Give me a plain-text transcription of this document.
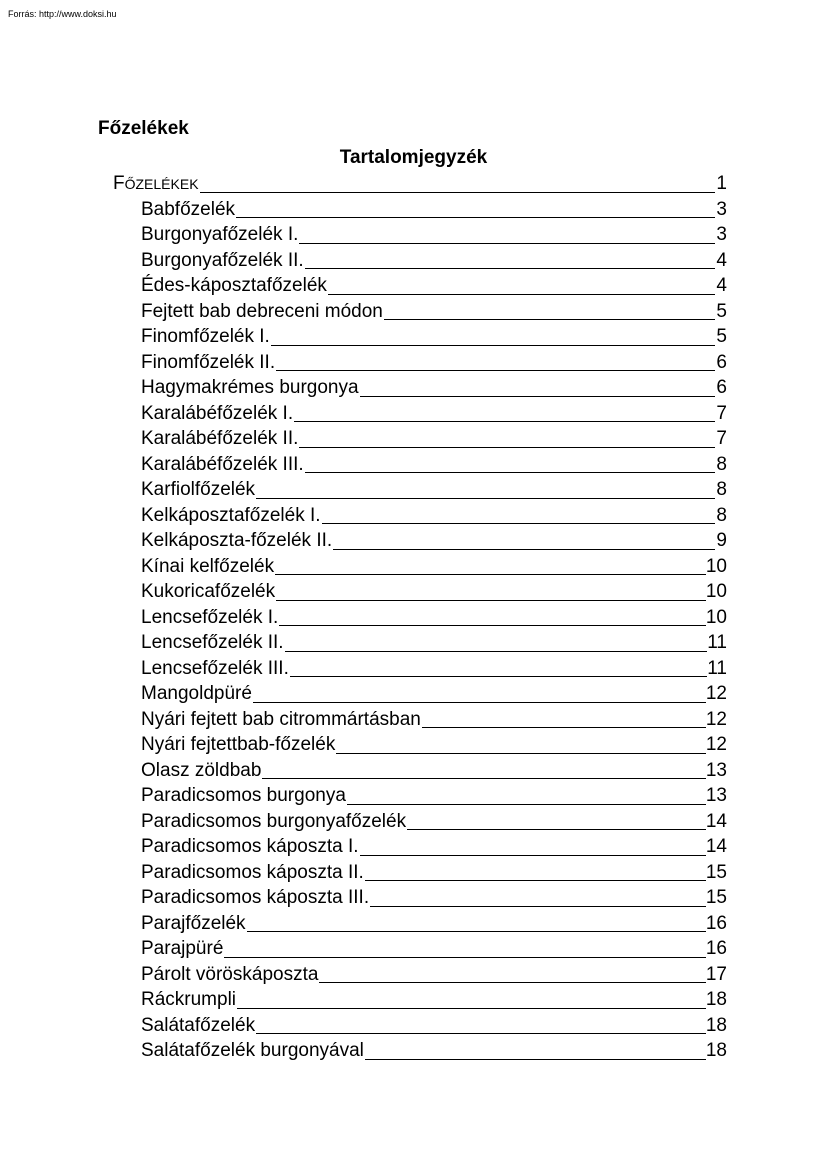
Forrás: http://www.doksi.hu
Főzelékek
Tartalomjegyzék
FŐZELÉKEK	1
Babfőzelék	3
Burgonyafőzelék I.	3
Burgonyafőzelék II.	4
Édes-káposztafőzelék	4
Fejtett bab debreceni módon	5
Finomfőzelék I.	5
Finomfőzelék II.	6
Hagymakrémes burgonya	6
Karalábéfőzelék I.	7
Karalábéfőzelék II.	7
Karalábéfőzelék III.	8
Karfiolfőzelék	8
Kelkáposztafőzelék I.	8
Kelkáposzta-főzelék II.	9
Kínai kelfőzelék	10
Kukoricafőzelék	10
Lencsefőzelék I.	10
Lencsefőzelék II.	11
Lencsefőzelék III.	11
Mangoldpüré	12
Nyári fejtett bab citrommártásban	12
Nyári fejtettbab-főzelék	12
Olasz zöldbab	13
Paradicsomos burgonya	13
Paradicsomos burgonyafőzelék	14
Paradicsomos káposzta I.	14
Paradicsomos káposzta II.	15
Paradicsomos káposzta III.	15
Parajfőzelék	16
Parajpüré	16
Párolt vöröskáposzta	17
Ráckrumpli	18
Salátafőzelék	18
Salátafőzelék burgonyával	18
